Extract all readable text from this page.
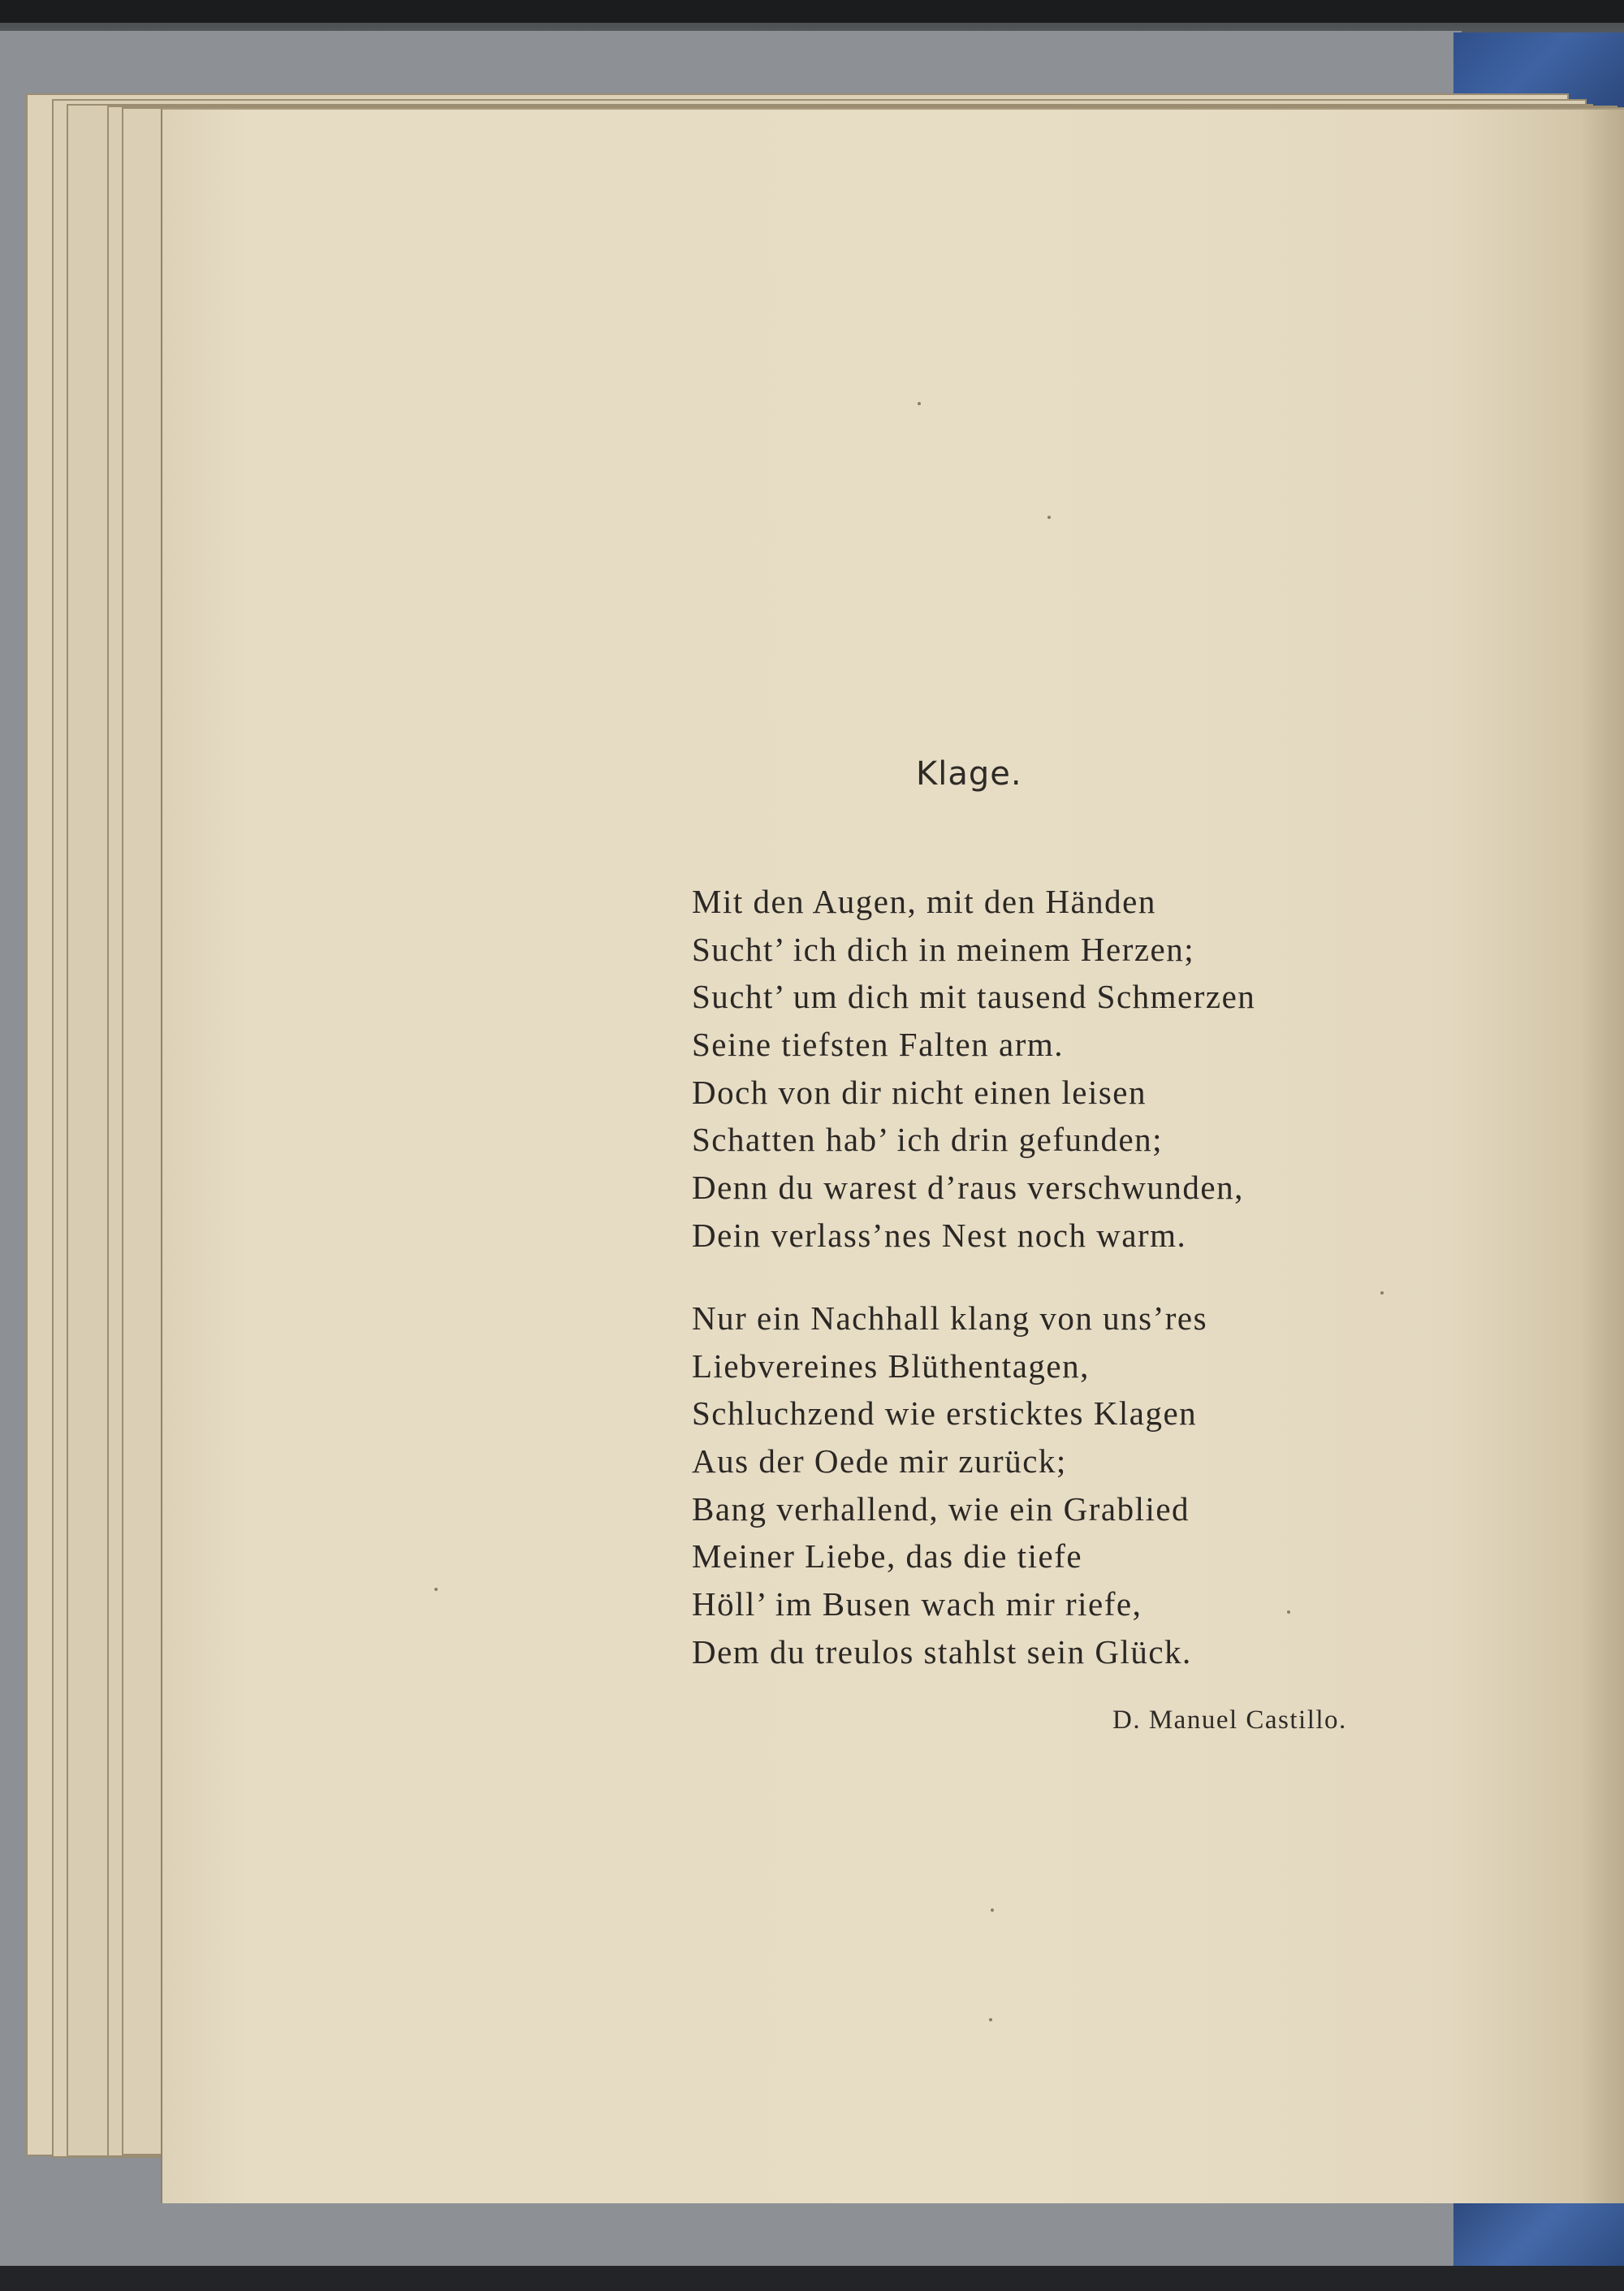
Klage.
Mit den Augen, mit den Händen
Sucht’ ich dich in meinem Herzen;
Sucht’ um dich mit tausend Schmerzen
Seine tiefsten Falten arm.
Doch von dir nicht einen leisen
Schatten hab’ ich drin gefunden;
Denn du warest d’raus verschwunden,
Dein verlass’nes Nest noch warm.
Nur ein Nachhall klang von uns’res
Liebvereines Blüthentagen,
Schluchzend wie ersticktes Klagen
Aus der Oede mir zurück;
Bang verhallend, wie ein Grablied
Meiner Liebe, das die tiefe
Höll’ im Busen wach mir riefe,
Dem du treulos stahlst sein Glück.
D. Manuel Castillo.
